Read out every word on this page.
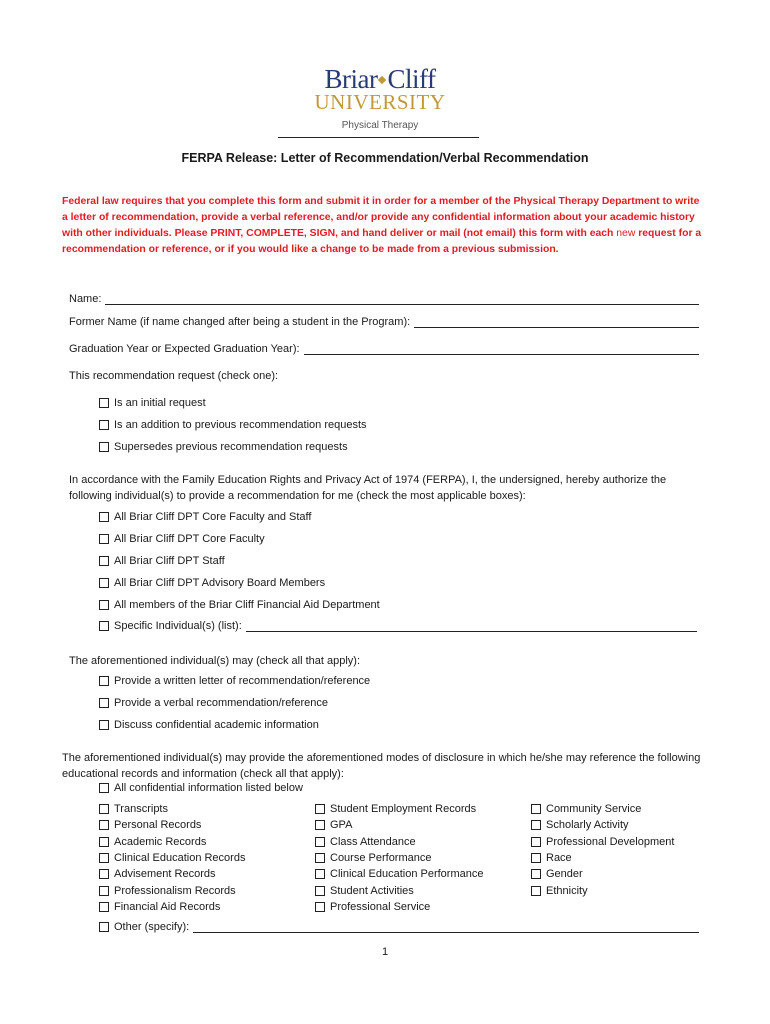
Briar Cliff
UNIVERSITY
Physical Therapy
FERPA Release: Letter of Recommendation/Verbal Recommendation
Federal law requires that you complete this form and submit it in order for a member of the Physical Therapy Department to write a letter of recommendation, provide a verbal reference, and/or provide any confidential information about your academic history with other individuals. Please PRINT, COMPLETE, SIGN, and hand deliver or mail (not email) this form with each new request for a recommendation or reference, or if you would like a change to be made from a previous submission.
Name:
Former Name (if name changed after being a student in the Program):
Graduation Year or Expected Graduation Year):
This recommendation request (check one):
Is an initial request
Is an addition to previous recommendation requests
Supersedes previous recommendation requests
In accordance with the Family Education Rights and Privacy Act of 1974 (FERPA), I, the undersigned, hereby authorize the following individual(s) to provide a recommendation for me (check the most applicable boxes):
All Briar Cliff DPT Core Faculty and Staff
All Briar Cliff DPT Core Faculty
All Briar Cliff DPT Staff
All Briar Cliff DPT Advisory Board Members
All members of the Briar Cliff Financial Aid Department
Specific Individual(s) (list):
The aforementioned individual(s) may (check all that apply):
Provide a written letter of recommendation/reference
Provide a verbal recommendation/reference
Discuss confidential academic information
The aforementioned individual(s) may provide the aforementioned modes of disclosure in which he/she may reference the following educational records and information (check all that apply):
All confidential information listed below
Transcripts	Student Employment Records	Community Service
Personal Records	GPA	Scholarly Activity
Academic Records	Class Attendance	Professional Development
Clinical Education Records	Course Performance	Race
Advisement Records	Clinical Education Performance	Gender
Professionalism Records	Student Activities	Ethnicity
Financial Aid Records	Professional Service
Other (specify):
1
